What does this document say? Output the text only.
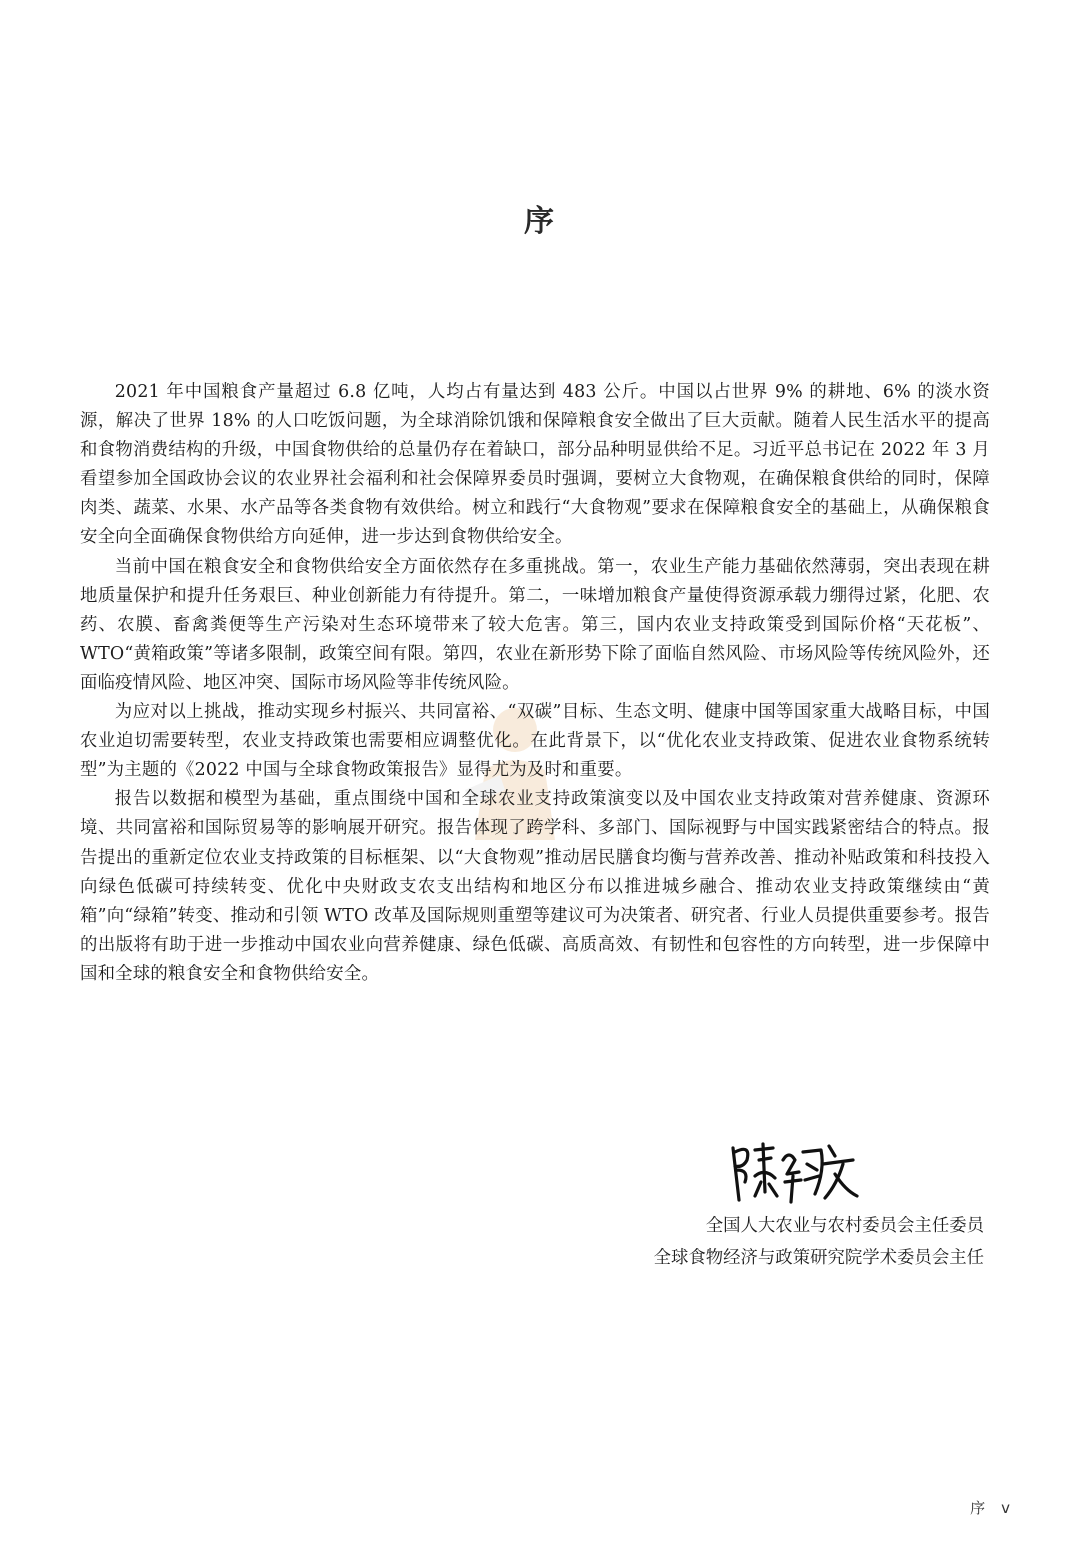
序

2021 年中国粮食产量超过 6.8 亿吨，人均占有量达到 483 公斤。中国以占世界 9% 的耕地、6% 的淡水资源，解决了世界 18% 的人口吃饭问题，为全球消除饥饿和保障粮食安全做出了巨大贡献。随着人民生活水平的提高和食物消费结构的升级，中国食物供给的总量仍存在着缺口，部分品种明显供给不足。习近平总书记在 2022 年 3 月看望参加全国政协会议的农业界社会福利和社会保障界委员时强调，要树立大食物观，在确保粮食供给的同时，保障肉类、蔬菜、水果、水产品等各类食物有效供给。树立和践行“大食物观”要求在保障粮食安全的基础上，从确保粮食安全向全面确保食物供给方向延伸，进一步达到食物供给安全。

当前中国在粮食安全和食物供给安全方面依然存在多重挑战。第一，农业生产能力基础依然薄弱，突出表现在耕地质量保护和提升任务艰巨、种业创新能力有待提升。第二，一味增加粮食产量使得资源承载力绷得过紧，化肥、农药、农膜、畜禽粪便等生产污染对生态环境带来了较大危害。第三，国内农业支持政策受到国际价格“天花板”、WTO“黄箱政策”等诸多限制，政策空间有限。第四，农业在新形势下除了面临自然风险、市场风险等传统风险外，还面临疫情风险、地区冲突、国际市场风险等非传统风险。

为应对以上挑战，推动实现乡村振兴、共同富裕、“双碳”目标、生态文明、健康中国等国家重大战略目标，中国农业迫切需要转型，农业支持政策也需要相应调整优化。在此背景下，以“优化农业支持政策、促进农业食物系统转型”为主题的《2022 中国与全球食物政策报告》显得尤为及时和重要。

报告以数据和模型为基础，重点围绕中国和全球农业支持政策演变以及中国农业支持政策对营养健康、资源环境、共同富裕和国际贸易等的影响展开研究。报告体现了跨学科、多部门、国际视野与中国实践紧密结合的特点。报告提出的重新定位农业支持政策的目标框架、以“大食物观”推动居民膳食均衡与营养改善、推动补贴政策和科技投入向绿色低碳可持续转变、优化中央财政支农支出结构和地区分布以推进城乡融合、推动农业支持政策继续由“黄箱”向“绿箱”转变、推动和引领 WTO 改革及国际规则重塑等建议可为决策者、研究者、行业人员提供重要参考。报告的出版将有助于进一步推动中国农业向营养健康、绿色低碳、高质高效、有韧性和包容性的方向转型，进一步保障中国和全球的粮食安全和食物供给安全。

全国人大农业与农村委员会主任委员
全球食物经济与政策研究院学术委员会主任
序 v
